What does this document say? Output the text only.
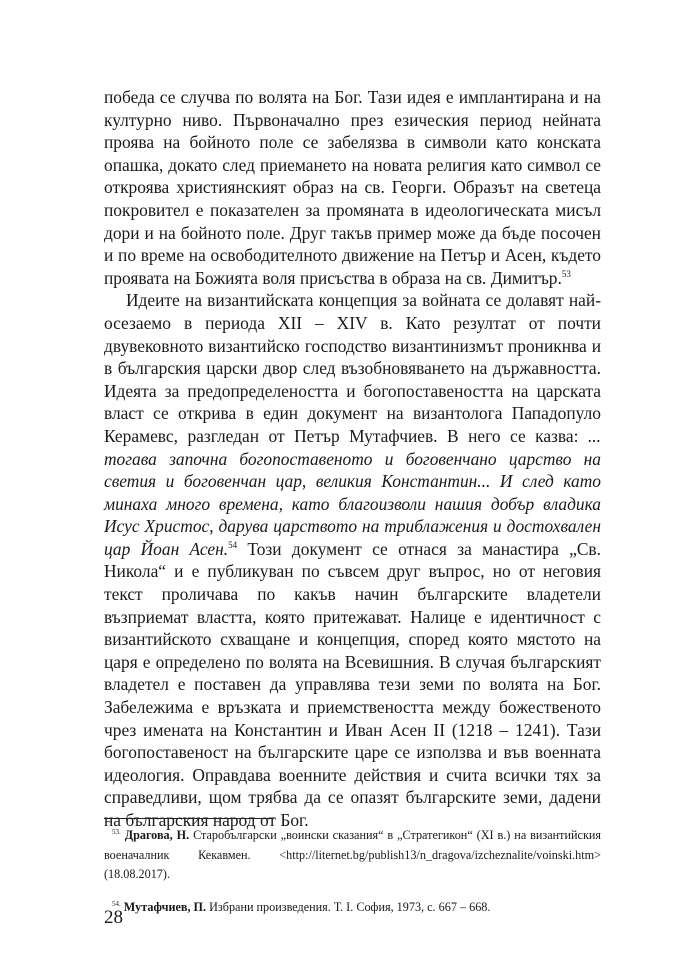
победа се случва по волята на Бог. Тази идея е имплантирана и на културно ниво. Първоначално през езическия период нейната проява на бойното поле се забелязва в символи като конската опашка, докато след приемането на новата религия като символ се откроява християнският образ на св. Георги. Образът на светеца покровител е показателен за промяната в идеологическата мисъл дори и на бойното поле. Друг такъв пример може да бъде посочен и по време на освободителното движение на Петър и Асен, където проявата на Божията воля присъства в образа на св. Димитър.$^{53}$

Идеите на византийската концепция за войната се долавят най-осезаемо в периода XII – XIV в. Като резултат от почти двувековното византийско господство византинизмът проникнва и в българския царски двор след възобновяването на държавността. Идеята за предопределеността и богопоставеността на царската власт се открива в един документ на византолога Пападопуло Керамевс, разгледан от Петър Мутафчиев. В него се казва: ... тогава започна богопоставеното и боговенчано царство на светия и боговенчан цар, великия Константин... И след като минаха много времена, като благоизволи нашия добър владика Исус Христос, дарува царството на триблажения и достохвален цар Йоан Асен.$^{54}$ Този документ се отнася за манастира „Св. Никола“ и е публикуван по съвсем друг въпрос, но от неговия текст проличава по какъв начин българските владетели възприемат властта, която притежават. Налице е идентичност с византийското схващане и концепция, според която мястото на царя е определено по волята на Всевишния. В случая българският владетел е поставен да управлява тези земи по волята на Бог. Забележима е връзката и приемствеността между божественото чрез имената на Константин и Иван Асен II (1218 – 1241). Тази богопоставеност на българските царе се използва и във военната идеология. Оправдава военните действия и счита всички тях за справедливи, щом трябва да се опазят българските земи, дадени на българския народ от Бог.

$^{53.}$ Драгова, Н. Старобългарски „воински сказания“ в „Стратегикон“ (XI в.) на византийския военачалник Кекавмен. <http://liternet.bg/publish13/n_dragova/izcheznalite/voinski.htm> (18.08.2017).

$^{54.}$ Мутафчиев, П. Избрани произведения. Т. I. София, 1973, с. 667 – 668.

28
